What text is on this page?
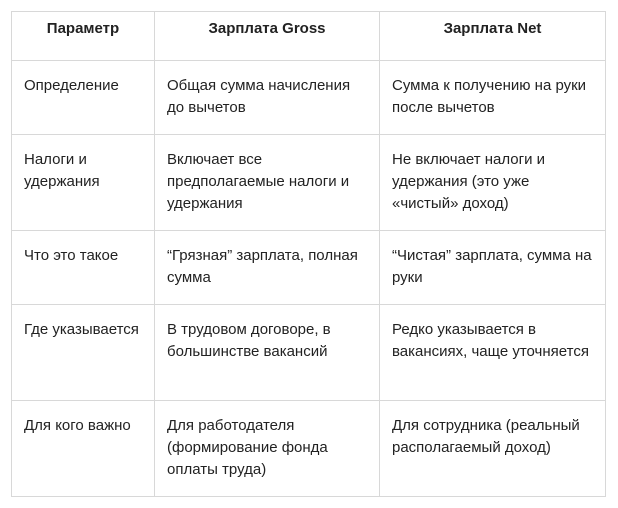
Параметр	Зарплата Gross	Зарплата Net
Определение	Общая сумма начисления до вычетов	Сумма к получению на руки после вычетов
Налоги и удержания	Включает все предполагаемые налоги и удержания	Не включает налоги и удержания (это уже «чистый» доход)
Что это такое	“Грязная” зарплата, полная сумма	“Чистая” зарплата, сумма на руки
Где указывается	В трудовом договоре, в большинстве вакансий	Редко указывается в вакансиях, чаще уточняется
Для кого важно	Для работодателя (формирование фонда оплаты труда)	Для сотрудника (реальный располагаемый доход)
